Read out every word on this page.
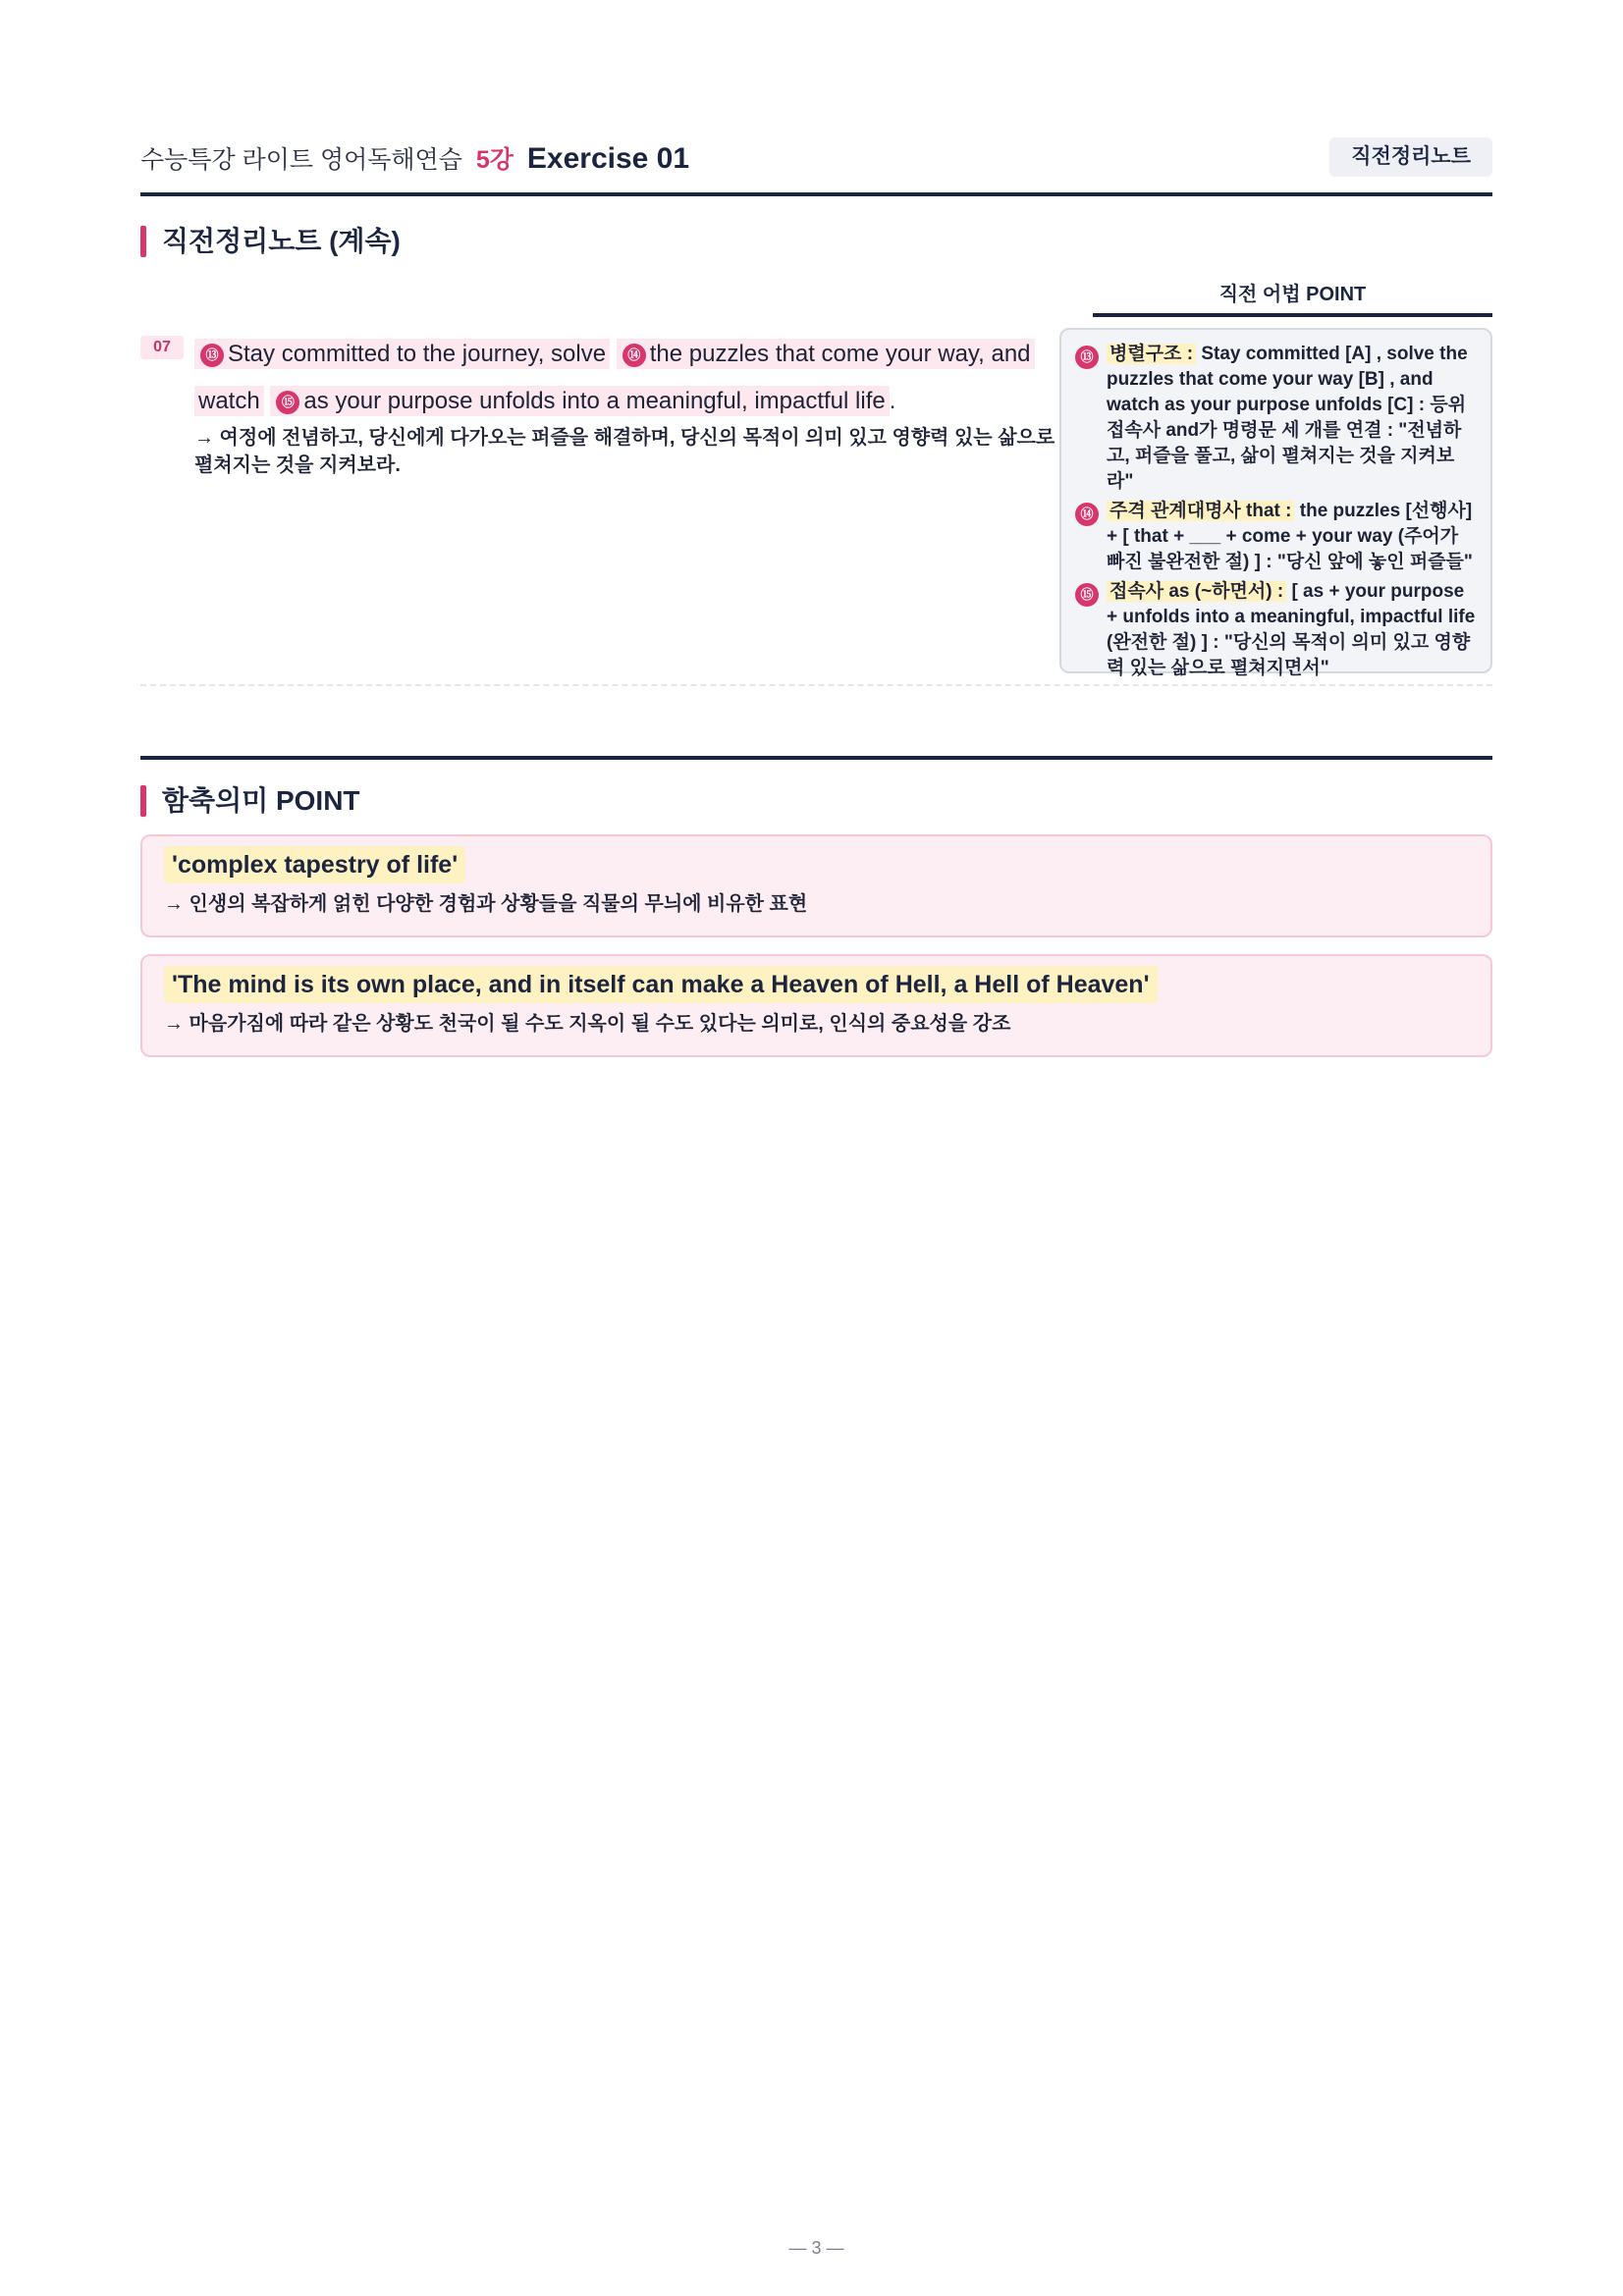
수능특강 라이트 영어독해연습 5강 Exercise 01	직전정리노트
직전정리노트 (계속)
직전 어법 POINT
07	⑬ Stay committed to the journey, solve ⑭ the puzzles that come your way, and
watch ⑮ as your purpose unfolds into a meaningful, impactful life .
→ 여정에 전념하고, 당신에게 다가오는 퍼즐을 해결하며, 당신의 목적이 의미 있고 영향력 있는 삶으로 펼쳐지는 것을 지켜보라.
⑬ 병렬구조 : Stay committed [A] , solve the puzzles that come your way [B] , and watch as your purpose unfolds [C] : 등위접속사 and가 명령문 세 개를 연결 : "전념하고, 퍼즐을 풀고, 삶이 펼쳐지는 것을 지켜보라"
⑭ 주격 관계대명사 that : the puzzles [선행사] + [ that + ___ + come + your way (주어가 빠진 불완전한 절) ] : "당신 앞에 놓인 퍼즐들"
⑮ 접속사 as (~하면서) : [ as + your purpose + unfolds into a meaningful, impactful life (완전한 절) ] : "당신의 목적이 의미 있고 영향력 있는 삶으로 펼쳐지면서"
함축의미 POINT
'complex tapestry of life'
→ 인생의 복잡하게 얽힌 다양한 경험과 상황들을 직물의 무늬에 비유한 표현
'The mind is its own place, and in itself can make a Heaven of Hell, a Hell of Heaven'
→ 마음가짐에 따라 같은 상황도 천국이 될 수도 지옥이 될 수도 있다는 의미로, 인식의 중요성을 강조
— 3 —
